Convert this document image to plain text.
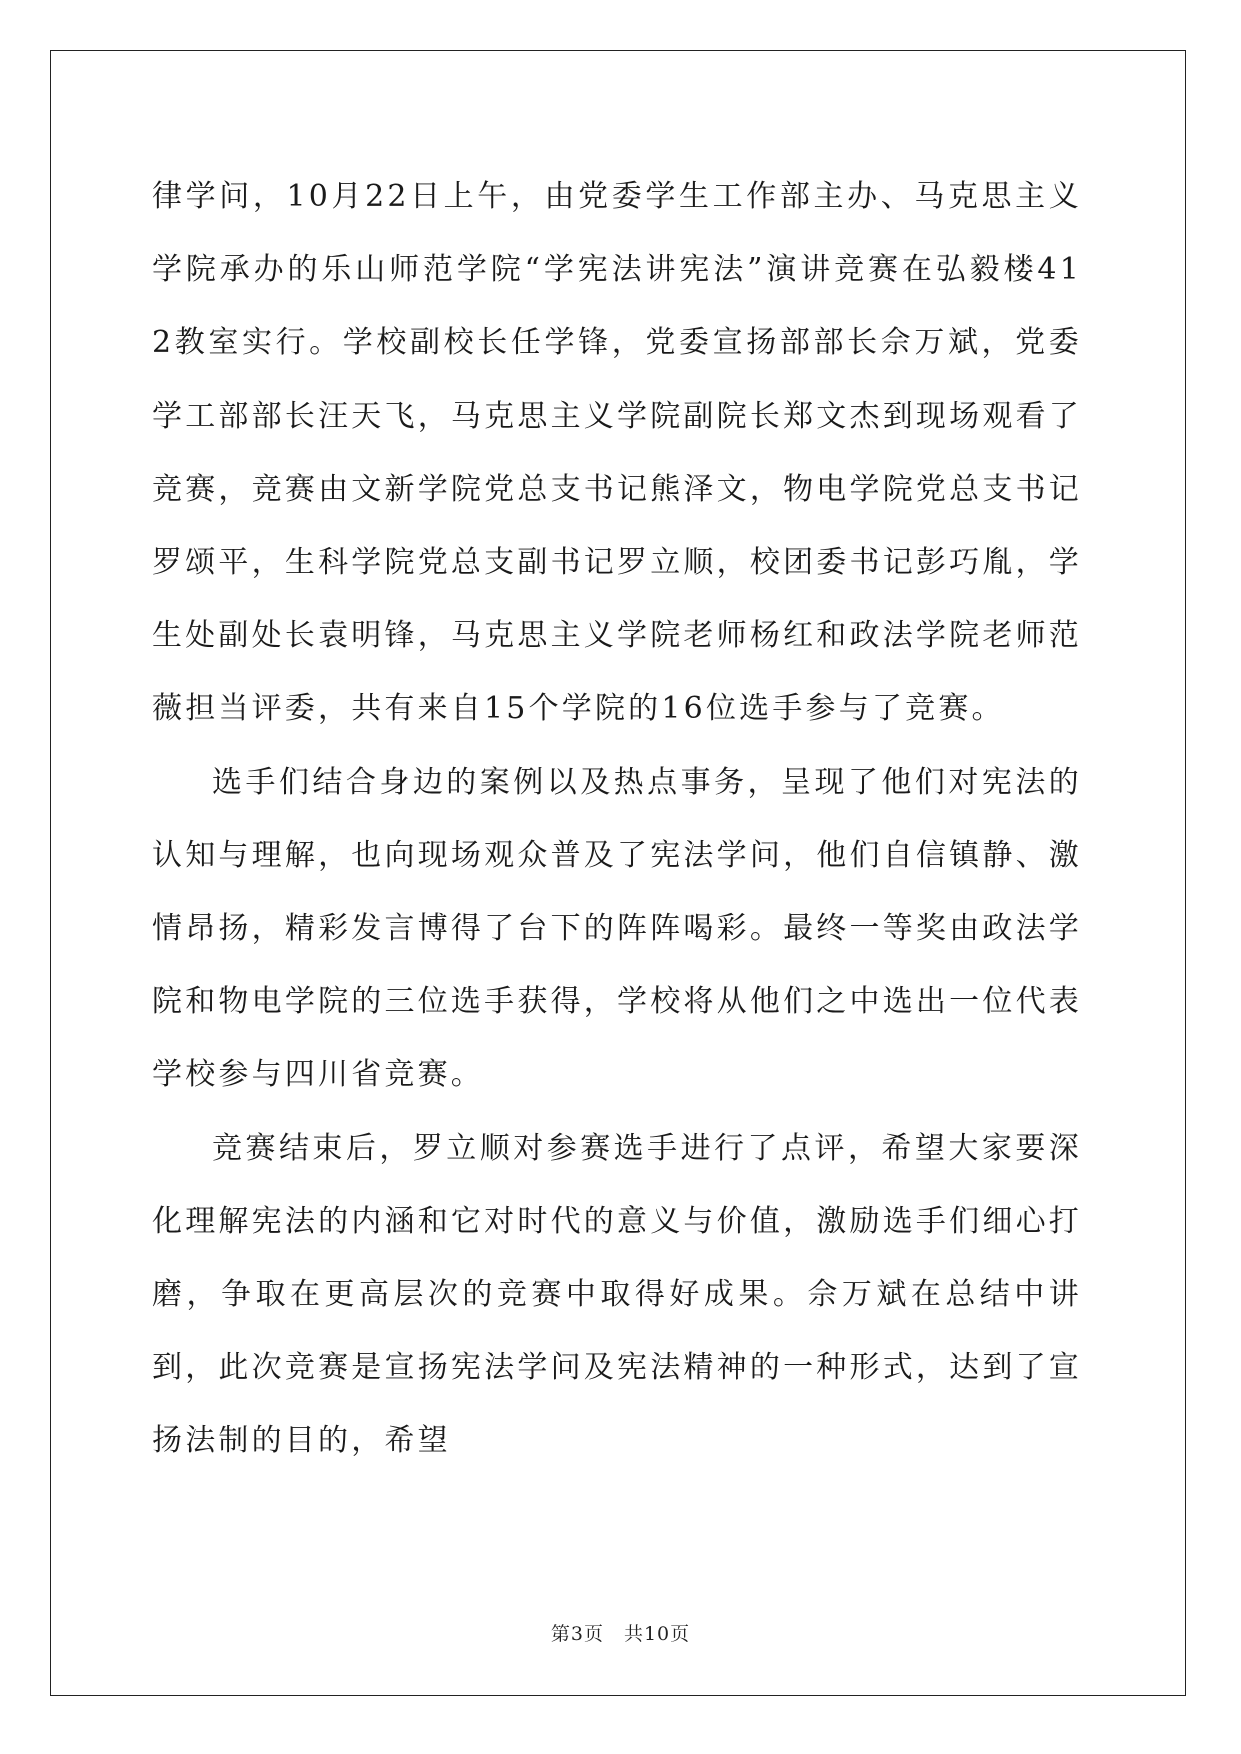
律学问，10月22日上午，由党委学生工作部主办、马克思主义学院承办的乐山师范学院“学宪法讲宪法”演讲竞赛在弘毅楼412教室实行。学校副校长任学锋，党委宣扬部部长佘万斌，党委学工部部长汪天飞，马克思主义学院副院长郑文杰到现场观看了竞赛，竞赛由文新学院党总支书记熊泽文，物电学院党总支书记罗颂平，生科学院党总支副书记罗立顺，校团委书记彭巧胤，学生处副处长袁明锋，马克思主义学院老师杨红和政法学院老师范薇担当评委，共有来自15个学院的16位选手参与了竞赛。

选手们结合身边的案例以及热点事务，呈现了他们对宪法的认知与理解，也向现场观众普及了宪法学问，他们自信镇静、激情昂扬，精彩发言博得了台下的阵阵喝彩。最终一等奖由政法学院和物电学院的三位选手获得，学校将从他们之中选出一位代表学校参与四川省竞赛。

竞赛结束后，罗立顺对参赛选手进行了点评，希望大家要深化理解宪法的内涵和它对时代的意义与价值，激励选手们细心打磨，争取在更高层次的竞赛中取得好成果。佘万斌在总结中讲到，此次竞赛是宣扬宪法学问及宪法精神的一种形式，达到了宣扬法制的目的，希望

第3页 共10页
